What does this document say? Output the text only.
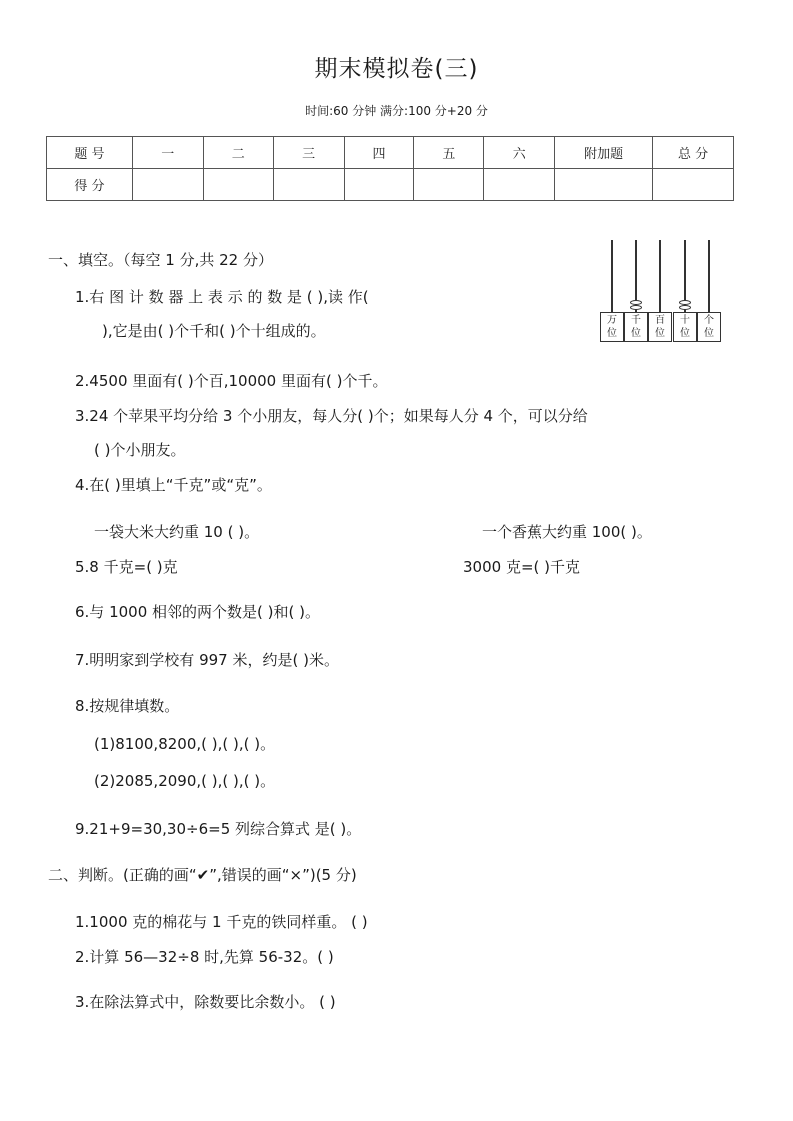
期末模拟卷(三)
时间:60 分钟 满分:100 分+20 分
题 号	一	二	三	四	五	六	附加题	总 分
得 分								
一、填空。（每空 1 分,共 22 分）
1.右 图 计 数 器 上 表 示 的 数 是 ( ),读 作(
),它是由( )个千和( )个十组成的。
万
位
千
位
百
位
十
位
个
位
2.4500 里面有( )个百,10000 里面有( )个千。
3.24 个苹果平均分给 3 个小朋友，每人分( )个；如果每人分 4 个，可以分给
( )个小朋友。
4.在( )里填上“千克”或“克”。
一袋大米大约重 10 ( )。	一个香蕉大约重 100( )。
5.8 千克=( )克	3000 克=( )千克
6.与 1000 相邻的两个数是( )和( )。
7.明明家到学校有 997 米，约是( )米。
8.按规律填数。
(1)8100,8200,( ),( ),( )。
(2)2085,2090,( ),( ),( )。
9.21+9=30,30÷6=5 列综合算式 是( )。
二、判断。(正确的画“✔”,错误的画“×”)(5 分)
1.1000 克的棉花与 1 千克的铁同样重。 ( )
2.计算 56—32÷8 时,先算 56-32。( )
3.在除法算式中，除数要比余数小。 ( )
